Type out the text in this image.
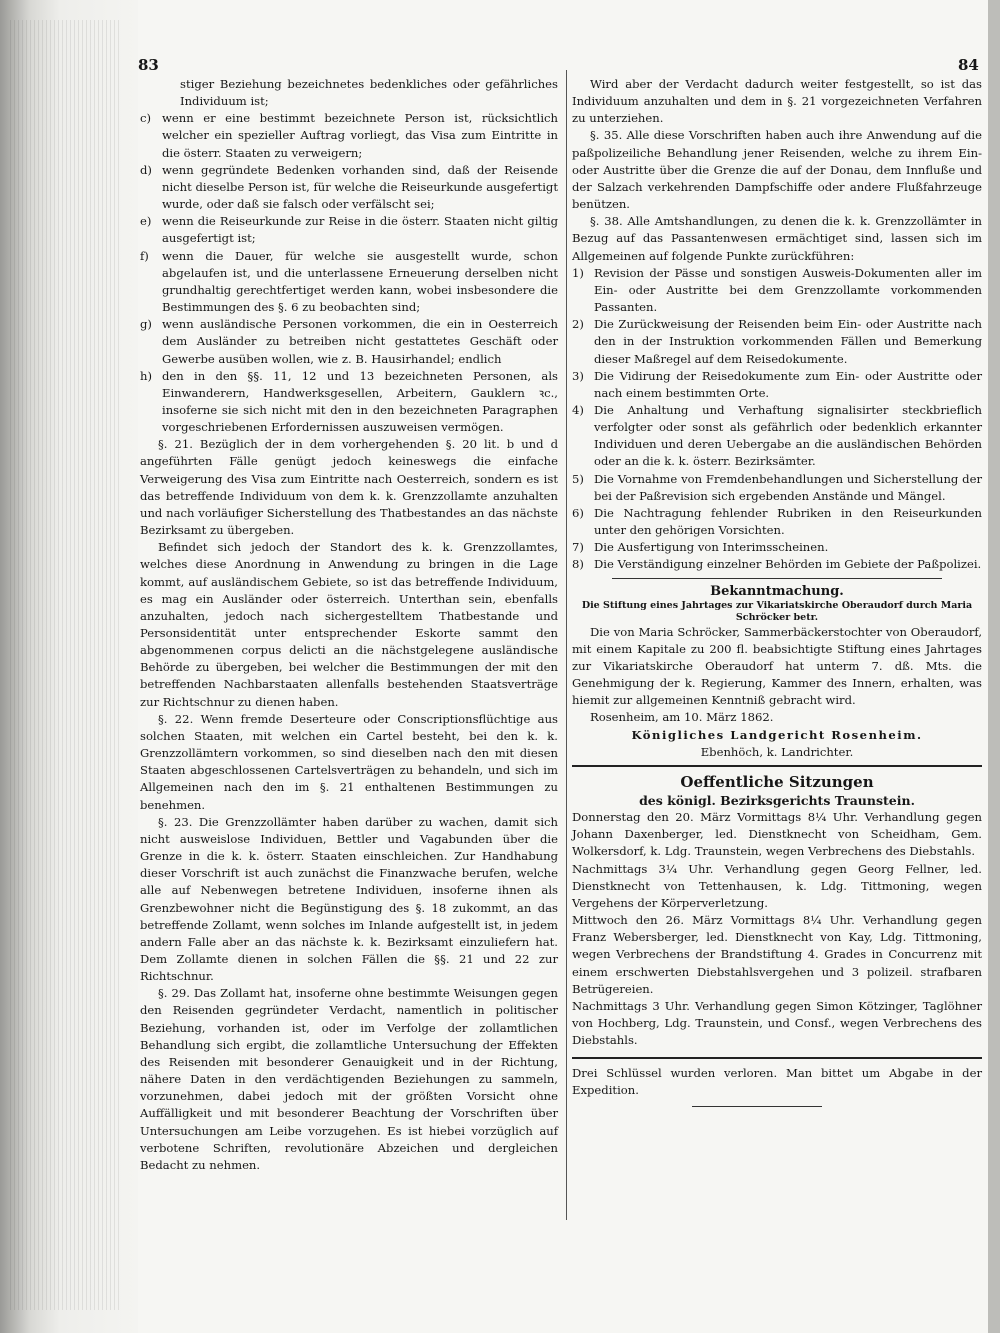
83	84

stiger Beziehung bezeichnetes bedenkliches oder gefährliches Individuum ist;

c) wenn er eine bestimmt bezeichnete Person ist, rücksichtlich welcher ein spezieller Auftrag vorliegt, das Visa zum Eintritte in die österr. Staaten zu verweigern;
d) wenn gegründete Bedenken vorhanden sind, daß der Reisende nicht dieselbe Person ist, für welche die Reiseurkunde ausgefertigt wurde, oder daß sie falsch oder verfälscht sei;
e) wenn die Reiseurkunde zur Reise in die österr. Staaten nicht giltig ausgefertigt ist;
f)	wenn die Dauer, für welche sie ausgestellt wurde, schon abgelaufen ist, und die unterlassene Erneuerung derselben nicht grundhaltig gerechtfertiget werden kann, wobei insbesondere die Bestimmungen des §. 6 zu beobachten sind;
g) wenn ausländische Personen vorkommen, die ein in Oesterreich dem Ausländer zu betreiben nicht gestattetes Geschäft oder Gewerbe ausüben wollen, wie z. B. Hausirhandel; endlich
h) den in den §§. 11, 12 und 13 bezeichneten Personen, als Einwanderern, Handwerksgesellen, Arbeitern, Gauklern ꝛc., insoferne sie sich nicht mit den in den bezeichneten Paragraphen vorgeschriebenen Erfordernissen auszuweisen vermögen.

§. 21. Bezüglich der in dem vorhergehenden §. 20 lit. b und d angeführten Fälle genügt jedoch keineswegs die einfache Verweigerung des Visa zum Eintritte nach Oesterreich, sondern es ist das betreffende Individuum von dem k. k. Grenzzollamte anzuhalten und nach vorläufiger Sicherstellung des Thatbestandes an das nächste Bezirksamt zu übergeben.

Befindet sich jedoch der Standort des k. k. Grenzzollamtes, welches diese Anordnung in Anwendung zu bringen in die Lage kommt, auf ausländischem Gebiete, so ist das betreffende Individuum, es mag ein Ausländer oder österreich. Unterthan sein, ebenfalls anzuhalten, jedoch nach sichergestelltem Thatbestande und Personsidentität unter entsprechender Eskorte sammt den abgenommenen corpus delicti an die nächstgelegene ausländische Behörde zu übergeben, bei welcher die Bestimmungen der mit den betreffenden Nachbarstaaten allenfalls bestehenden Staatsverträge zur Richtschnur zu dienen haben.

§. 22. Wenn fremde Deserteure oder Conscriptionsflüchtige aus solchen Staaten, mit welchen ein Cartel besteht, bei den k. k. Grenzzollämtern vorkommen, so sind dieselben nach den mit diesen Staaten abgeschlossenen Cartelsverträgen zu behandeln, und sich im Allgemeinen nach den im §. 21 enthaltenen Bestimmungen zu benehmen.

§. 23. Die Grenzzollämter haben darüber zu wachen, damit sich nicht ausweislose Individuen, Bettler und Vagabunden über die Grenze in die k. k. österr. Staaten einschleichen. Zur Handhabung dieser Vorschrift ist auch zunächst die Finanzwache berufen, welche alle auf Nebenwegen betretene Individuen, insoferne ihnen als Grenzbewohner nicht die Begünstigung des §. 18 zukommt, an das betreffende Zollamt, wenn solches im Inlande aufgestellt ist, in jedem andern Falle aber an das nächste k. k. Bezirksamt einzuliefern hat. Dem Zollamte dienen in solchen Fällen die §§. 21 und 22 zur Richtschnur.

§. 29. Das Zollamt hat, insoferne ohne bestimmte Weisungen gegen den Reisenden gegründeter Verdacht, namentlich in politischer Beziehung, vorhanden ist, oder im Verfolge der zollamtlichen Behandlung sich ergibt, die zollamtliche Untersuchung der Effekten des Reisenden mit besonderer Genauigkeit und in der Richtung, nähere Daten in den verdächtigenden Beziehungen zu sammeln, vorzunehmen, dabei jedoch mit der größten Vorsicht ohne Auffälligkeit und mit besonderer Beachtung der Vorschriften über Untersuchungen am Leibe vorzugehen. Es ist hiebei vorzüglich auf verbotene Schriften, revolutionäre Abzeichen und dergleichen Bedacht zu nehmen.

Wird aber der Verdacht dadurch weiter festgestellt, so ist das Individuum anzuhalten und dem in §. 21 vorgezeichneten Verfahren zu unterziehen.

§. 35. Alle diese Vorschriften haben auch ihre Anwendung auf die paßpolizeiliche Behandlung jener Reisenden, welche zu ihrem Ein- oder Austritte über die Grenze die auf der Donau, dem Innfluße und der Salzach verkehrenden Dampfschiffe oder andere Flußfahrzeuge benützen.

§. 38. Alle Amtshandlungen, zu denen die k. k. Grenzzollämter in Bezug auf das Passantenwesen ermächtiget sind, lassen sich im Allgemeinen auf folgende Punkte zurückführen:

1) Revision der Pässe und sonstigen Ausweis-Dokumenten aller im Ein- oder Austritte bei dem Grenzzollamte vorkommenden Passanten.
2) Die Zurückweisung der Reisenden beim Ein- oder Austritte nach den in der Instruktion vorkommenden Fällen und Bemerkung dieser Maßregel auf dem Reisedokumente.
3) Die Vidirung der Reisedokumente zum Ein- oder Austritte oder nach einem bestimmten Orte.
4) Die Anhaltung und Verhaftung signalisirter steckbrieflich verfolgter oder sonst als gefährlich oder bedenklich erkannter Individuen und deren Uebergabe an die ausländischen Behörden oder an die k. k. österr. Bezirksämter.
5) Die Vornahme von Fremdenbehandlungen und Sicherstellung der bei der Paßrevision sich ergebenden Anstände und Mängel.
6) Die Nachtragung fehlender Rubriken in den Reiseurkunden unter den gehörigen Vorsichten.
7) Die Ausfertigung von Interimsscheinen.
8) Die Verständigung einzelner Behörden im Gebiete der Paßpolizei.
Bekanntmachung.
Die Stiftung eines Jahrtages zur Vikariatskirche Oberaudorf durch Maria Schröcker betr.

Die von Maria Schröcker, Sammerbäckerstochter von Oberaudorf, mit einem Kapitale zu 200 fl. beabsichtigte Stiftung eines Jahrtages zur Vikariatskirche Oberaudorf hat unterm 7. dß. Mts. die Genehmigung der k. Regierung, Kammer des Innern, erhalten, was hiemit zur allgemeinen Kenntniß gebracht wird.

Rosenheim, am 10. März 1862.

Königliches Landgericht Rosenheim.

Ebenhöch, k. Landrichter.

Oeffentliche Sitzungen
des königl. Bezirksgerichts Traunstein.

Donnerstag den 20. März Vormittags 8¼ Uhr. Verhandlung gegen Johann Daxenberger, led. Dienstknecht von Scheidham, Gem. Wolkersdorf, k. Ldg. Traunstein, wegen Verbrechens des Diebstahls.

Nachmittags 3¼ Uhr. Verhandlung gegen Georg Fellner, led. Dienstknecht von Tettenhausen, k. Ldg. Tittmoning, wegen Vergehens der Körperverletzung.

Mittwoch den 26. März Vormittags 8¼ Uhr. Verhandlung gegen Franz Webersberger, led. Dienstknecht von Kay, Ldg. Tittmoning, wegen Verbrechens der Brandstiftung 4. Grades in Concurrenz mit einem erschwerten Diebstahlsvergehen und 3 polizeil. strafbaren Betrügereien.

Nachmittags 3 Uhr. Verhandlung gegen Simon Kötzinger, Taglöhner von Hochberg, Ldg. Traunstein, und Consf., wegen Verbrechens des Diebstahls.

Drei Schlüssel wurden verloren. Man bittet um Abgabe in der Expedition.
